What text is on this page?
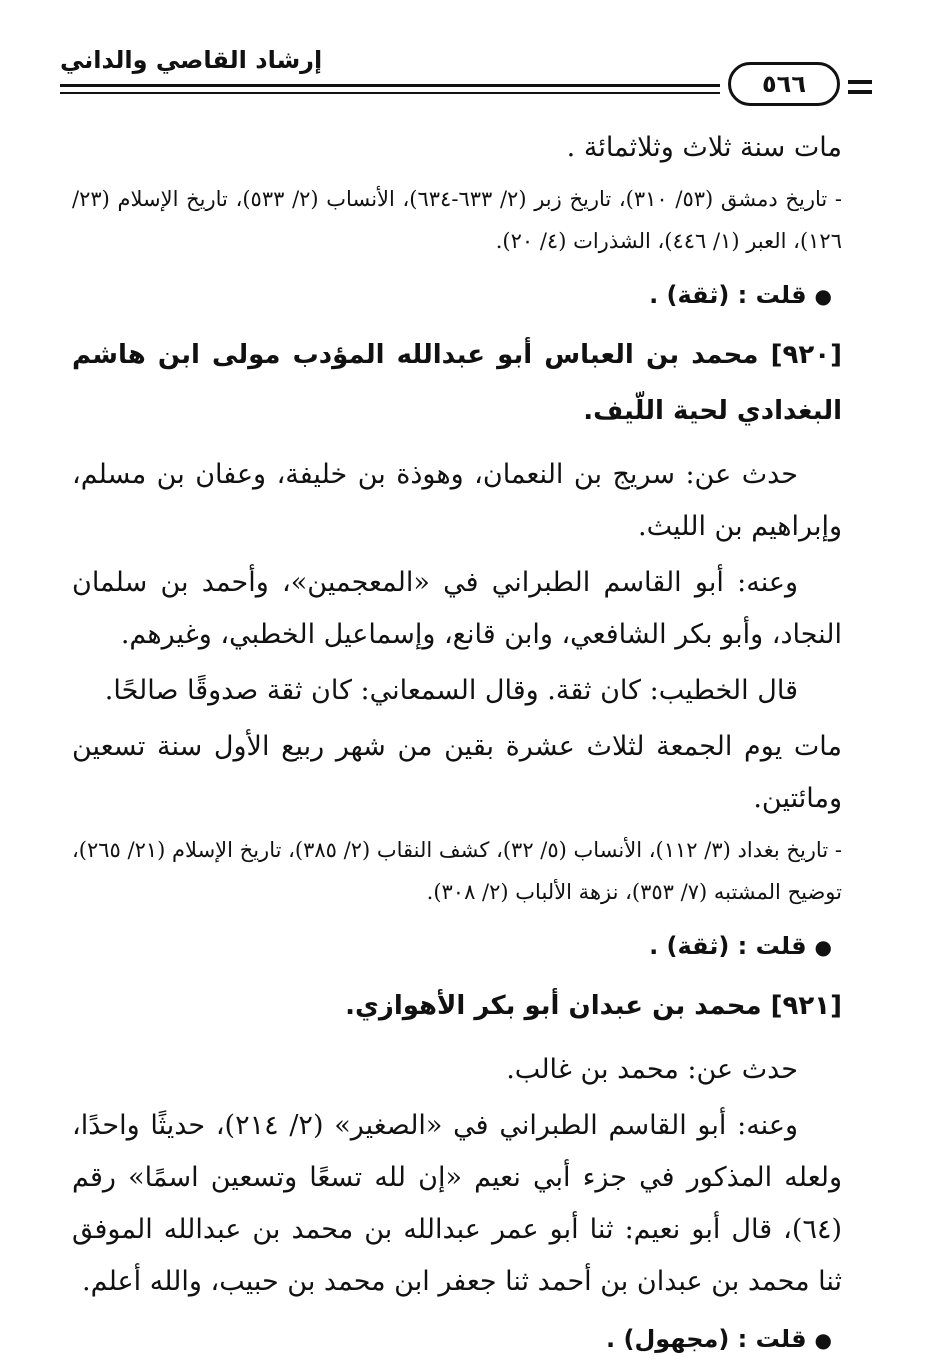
إرشاد القاصي والداني
٥٦٦

مات سنة ثلاث وثلاثمائة .

- تاريخ دمشق (٥٣/ ٣١٠)، تاريخ زبر (٢/ ٦٣٣-٦٣٤)، الأنساب (٢/ ٥٣٣)، تاريخ الإسلام (٢٣/ ١٢٦)، العبر (١/ ٤٤٦)، الشذرات (٤/ ٢٠).

●قلت : (ثقة) .

[٩٢٠] محمد بن العباس أبو عبدالله المؤدب مولى ابن هاشم البغدادي لحية اللّيف.

حدث عن: سريج بن النعمان، وهوذة بن خليفة، وعفان بن مسلم، وإبراهيم بن الليث.

وعنه: أبو القاسم الطبراني في «المعجمين»، وأحمد بن سلمان النجاد، وأبو بكر الشافعي، وابن قانع، وإسماعيل الخطبي، وغيرهم.

قال الخطيب: كان ثقة. وقال السمعاني: كان ثقة صدوقًا صالحًا.

مات يوم الجمعة لثلاث عشرة بقين من شهر ربيع الأول سنة تسعين ومائتين.

- تاريخ بغداد (٣/ ١١٢)، الأنساب (٥/ ٣٢)، كشف النقاب (٢/ ٣٨٥)، تاريخ الإسلام (٢١/ ٢٦٥)، توضيح المشتبه (٧/ ٣٥٣)، نزهة الألباب (٢/ ٣٠٨).

●قلت : (ثقة) .

[٩٢١] محمد بن عبدان أبو بكر الأهوازي.

حدث عن: محمد بن غالب.

وعنه: أبو القاسم الطبراني في «الصغير» (٢/ ٢١٤)، حديثًا واحدًا، ولعله المذكور في جزء أبي نعيم «إن لله تسعًا وتسعين اسمًا» رقم (٦٤)، قال أبو نعيم: ثنا أبو عمر عبدالله بن محمد بن عبدالله الموفق ثنا محمد بن عبدان بن أحمد ثنا جعفر ابن محمد بن حبيب، والله أعلم.

●قلت : (مجهول) .
